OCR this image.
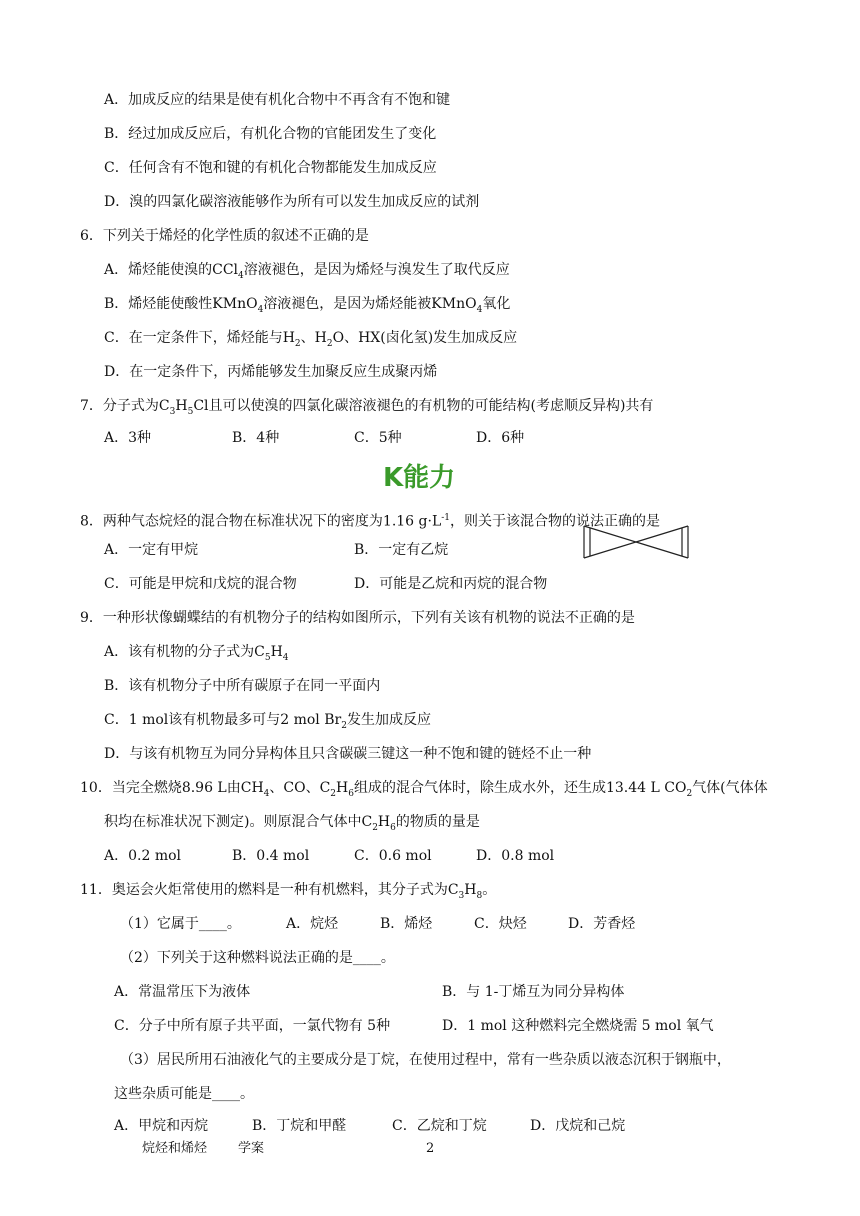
A．加成反应的结果是使有机化合物中不再含有不饱和键
B．经过加成反应后，有机化合物的官能团发生了变化
C．任何含有不饱和键的有机化合物都能发生加成反应
D．溴的四氯化碳溶液能够作为所有可以发生加成反应的试剂
6．下列关于烯烃的化学性质的叙述不正确的是
A．烯烃能使溴的CCl$_4$溶液褪色，是因为烯烃与溴发生了取代反应
B．烯烃能使酸性KMnO$_4$溶液褪色，是因为烯烃能被KMnO$_4$氧化
C．在一定条件下，烯烃能与$H_2$、$H_2O$、HX(卤化氢)发生加成反应
D．在一定条件下，丙烯能够发生加聚反应生成聚丙烯
7．分子式为$C_3H_5Cl$且可以使溴的四氯化碳溶液褪色的有机物的可能结构(考虑顺反异构)共有
A．3种	B．4种	C．5种	D．6种
K能力
8．两种气态烷烃的混合物在标准状况下的密度为1.16 $g\cdot L^{-1}$，则关于该混合物的说法正确的是
A．一定有甲烷	B．一定有乙烷
C．可能是甲烷和戊烷的混合物	D．可能是乙烷和丙烷的混合物
9．一种形状像蝴蝶结的有机物分子的结构如图所示，下列有关该有机物的说法不正确的是
A．该有机物的分子式为$C_5H_4$
B．该有机物分子中所有碳原子在同一平面内
C．1 mol该有机物最多可与2 mol $Br_2$发生加成反应
D．与该有机物互为同分异构体且只含碳碳三键这一种不饱和键的链烃不止一种
10．当完全燃烧8.96 L由$CH_4$、CO、$C_2H_6$组成的混合气体时，除生成水外，还生成13.44 L $CO_2$气体(气体体
积均在标准状况下测定)。则原混合气体中$C_2H_6$的物质的量是
A．0.2 mol	B．0.4 mol	C．0.6 mol	D．0.8 mol
11．奥运会火炬常使用的燃料是一种有机燃料，其分子式为$C_3H_8$。
（1）它属于____。	A．烷烃	B．烯烃	C．炔烃	D．芳香烃
（2）下列关于这种燃料说法正确的是____。
A．常温常压下为液体	B．与 1-丁烯互为同分异构体
C．分子中所有原子共平面，一氯代物有 5种	D．1 mol 这种燃料完全燃烧需 5 mol 氧气
（3）居民所用石油液化气的主要成分是丁烷，在使用过程中，常有一些杂质以液态沉积于钢瓶中，
这些杂质可能是____。
A．甲烷和丙烷	B．丁烷和甲醛	C．乙烷和丁烷	D．戊烷和己烷
烷烃和烯烃 学案	2
